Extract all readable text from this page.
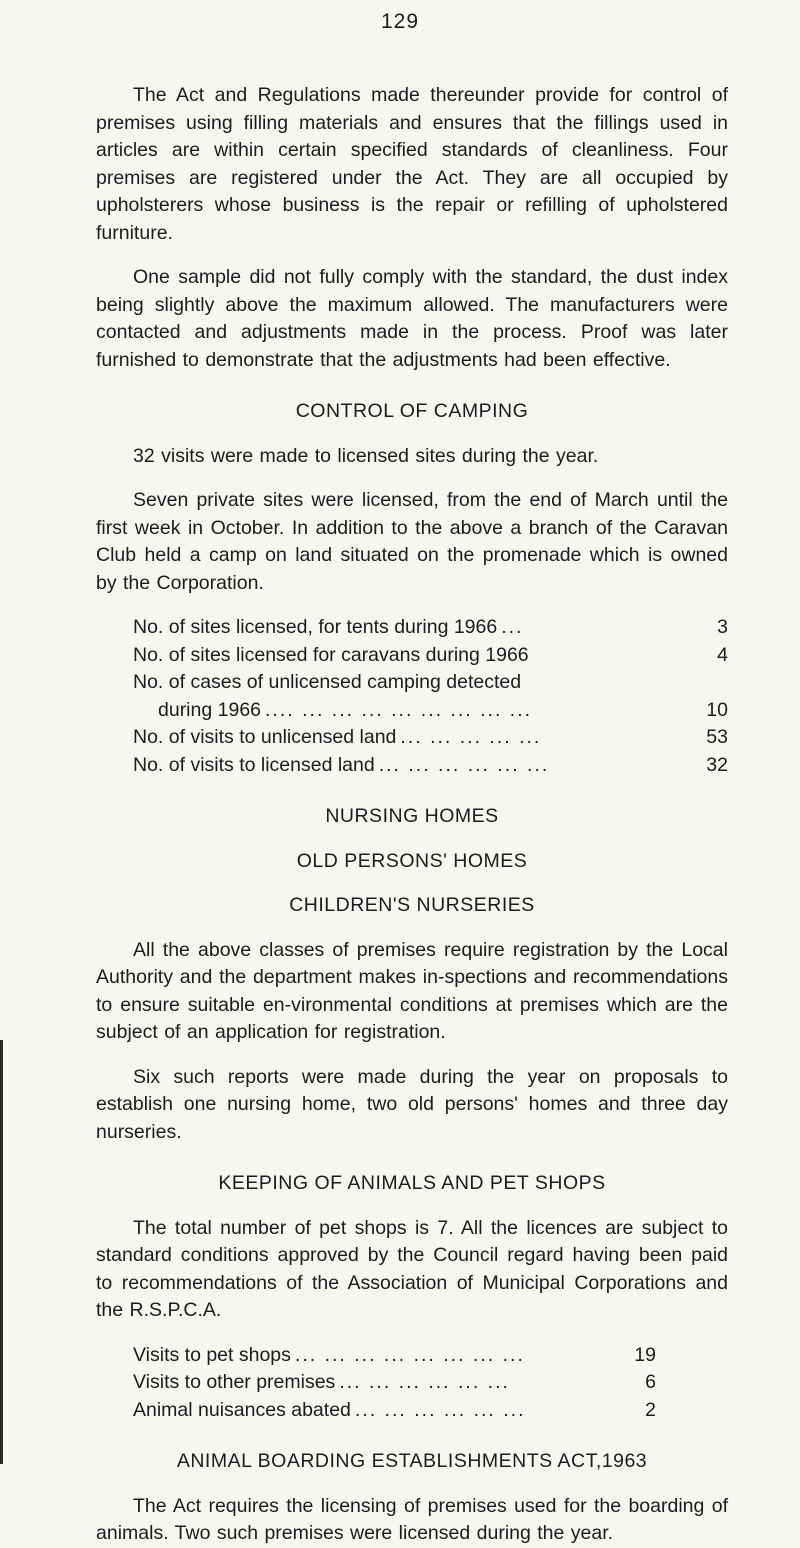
129

The Act and Regulations made thereunder provide for control of premises using filling materials and ensures that the fillings used in articles are within certain specified standards of cleanliness. Four premises are registered under the Act. They are all occupied by upholsterers whose business is the repair or refilling of upholstered furniture.

One sample did not fully comply with the standard, the dust index being slightly above the maximum allowed. The manufacturers were contacted and adjustments made in the process. Proof was later furnished to demonstrate that the adjustments had been effective.

CONTROL OF CAMPING

32 visits were made to licensed sites during the year.

Seven private sites were licensed, from the end of March until the first week in October. In addition to the above a branch of the Caravan Club held a camp on land situated on the promenade which is owned by the Corporation.

No. of sites licensed, for tents during 1966 ...	3
No. of sites licensed for caravans during 1966	4
No. of cases of unlicensed camping detected
during 1966 .... ... ... ... ... ... ... ... ...	10
No. of visits to unlicensed land ... ... ... ... ...	53
No. of visits to licensed land ... ... ... ... ... ...	32
NURSING HOMES
OLD PERSONS' HOMES
CHILDREN'S NURSERIES

All the above classes of premises require registration by the Local Authority and the department makes in-spections and recommendations to ensure suitable en-vironmental conditions at premises which are the subject of an application for registration.

Six such reports were made during the year on proposals to establish one nursing home, two old persons' homes and three day nurseries.

KEEPING OF ANIMALS AND PET SHOPS

The total number of pet shops is 7. All the licences are subject to standard conditions approved by the Council regard having been paid to recommendations of the Association of Municipal Corporations and the R.S.P.C.A.

Visits to pet shops ... ... ... ... ... ... ... ...	19
Visits to other premises ... ... ... ... ... ...	6
Animal nuisances abated ... ... ... ... ... ...	2
ANIMAL BOARDING ESTABLISHMENTS ACT,1963

The Act requires the licensing of premises used for the boarding of animals. Two such premises were licensed during the year.
